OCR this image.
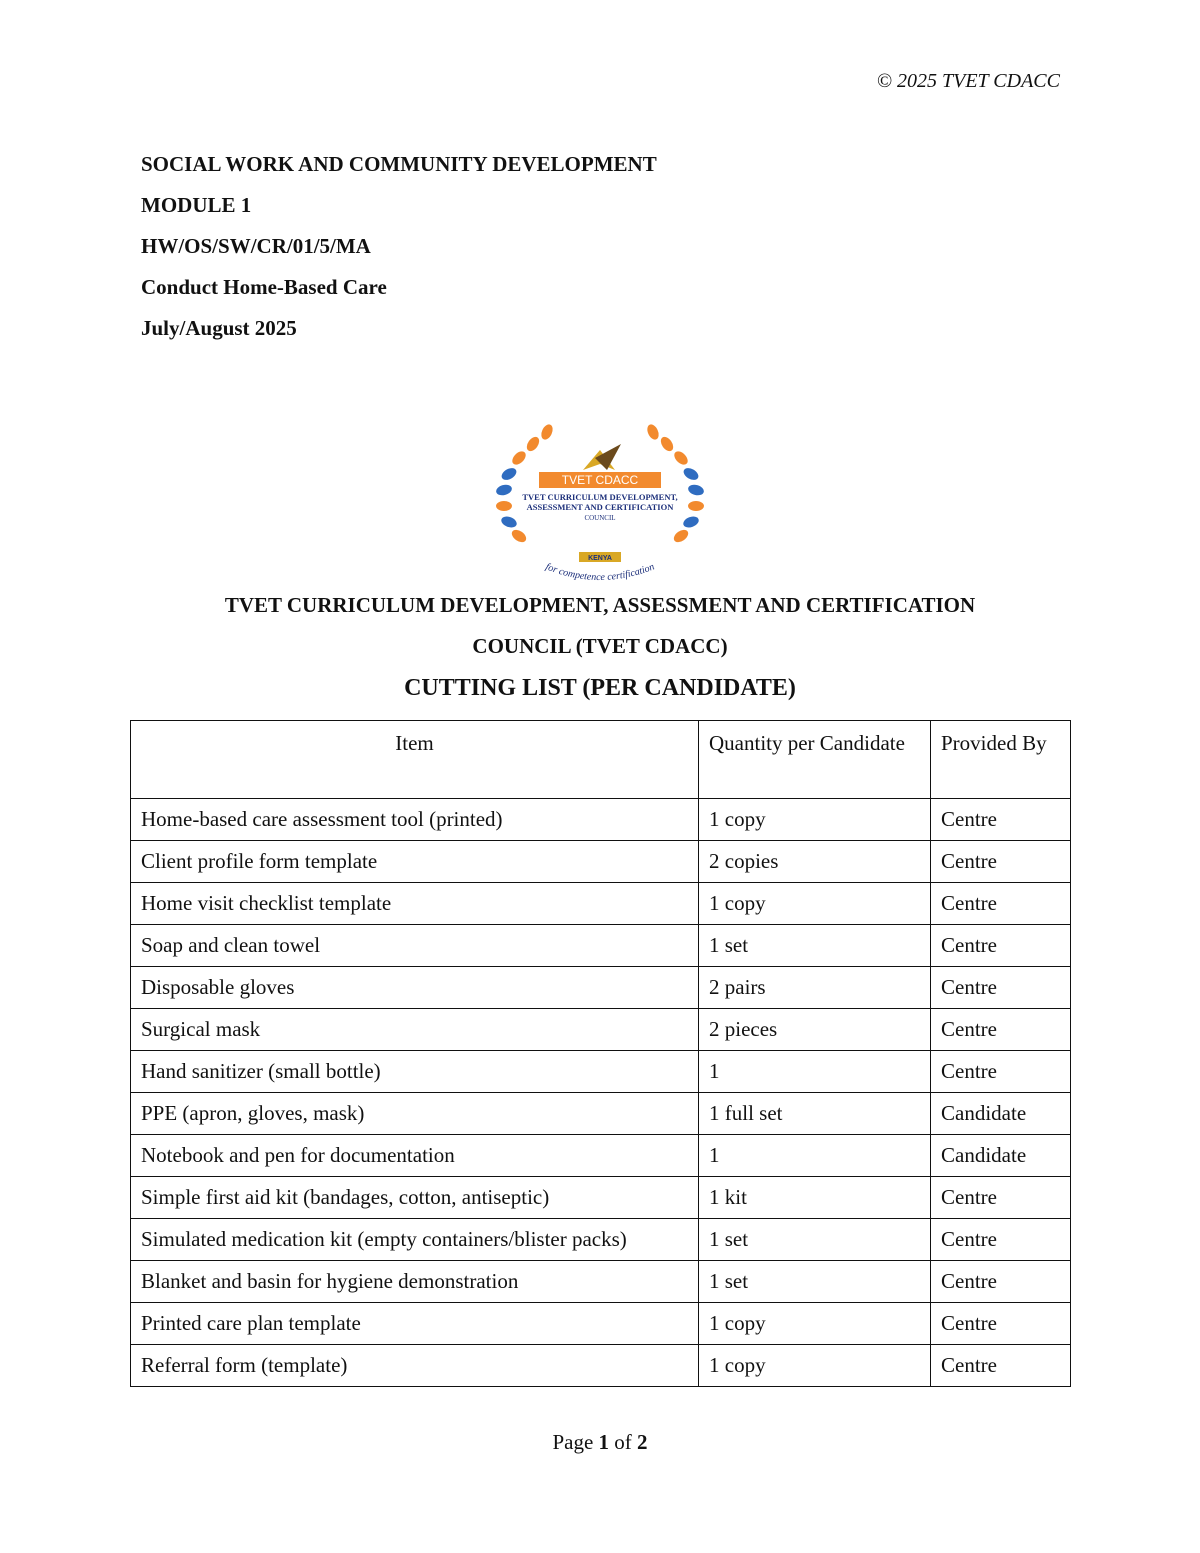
© 2025 TVET CDACC
SOCIAL WORK AND COMMUNITY DEVELOPMENT
MODULE 1
HW/OS/SW/CR/01/5/MA
Conduct Home-Based Care
July/August 2025
TVET CDACC
TVET CURRICULUM DEVELOPMENT,
ASSESSMENT AND CERTIFICATION
COUNCIL
KENYA
for competence certification
TVET CURRICULUM DEVELOPMENT, ASSESSMENT AND CERTIFICATION
COUNCIL (TVET CDACC)
CUTTING LIST (PER CANDIDATE)
Item	Quantity per Candidate	Provided By
Home-based care assessment tool (printed)	1 copy	Centre
Client profile form template	2 copies	Centre
Home visit checklist template	1 copy	Centre
Soap and clean towel	1 set	Centre
Disposable gloves	2 pairs	Centre
Surgical mask	2 pieces	Centre
Hand sanitizer (small bottle)	1	Centre
PPE (apron, gloves, mask)	1 full set	Candidate
Notebook and pen for documentation	1	Candidate
Simple first aid kit (bandages, cotton, antiseptic)	1 kit	Centre
Simulated medication kit (empty containers/blister packs)	1 set	Centre
Blanket and basin for hygiene demonstration	1 set	Centre
Printed care plan template	1 copy	Centre
Referral form (template)	1 copy	Centre
Page 1 of 2
